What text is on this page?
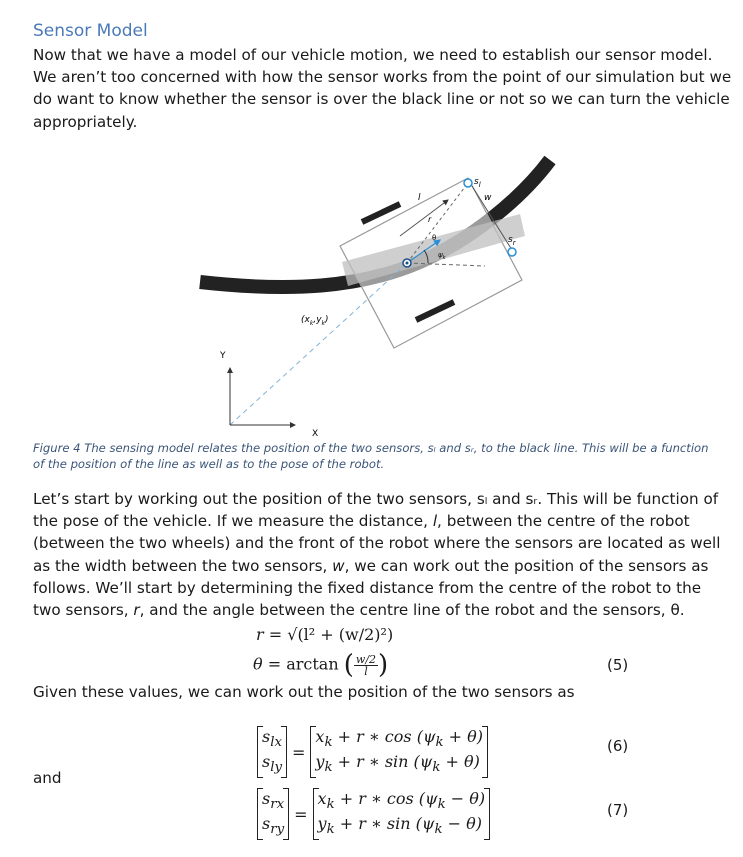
Sensor Model
Now that we have a model of our vehicle motion, we need to establish our sensor model. We aren’t too concerned with how the sensor works from the point of our simulation but we do want to know whether the sensor is over the black line or not so we can turn the vehicle appropriately.
$s_l$
$s_r$
w
l
r
θ
$\psi_k$
$(x_k,y_k)$
Y
X
Figure 4 The sensing model relates the position of the two sensors, sₗ and sᵣ, to the black line. This will be a function of the position of the line as well as to the pose of the robot.
Let’s start by working out the position of the two sensors, sₗ and sᵣ. This will be function of the pose of the vehicle. If we measure the distance, l, between the centre of the robot (between the two wheels) and the front of the robot where the sensors are located as well as the width between the two sensors, w, we can work out the position of the sensors as follows. We’ll start by determining the fixed distance from the centre of the robot to the two sensors, r, and the angle between the centre line of the robot and the sensors, θ.
r = √(l² + (w/2)²)
θ = arctan ( $\frac{w/2}{l}$ )	(5)
Given these values, we can work out the position of the two sensors as
$s_{lx}$
$s_{ly}$
=
$x_k + r$ ∗ $\cos (\psi_k + \theta)$
$y_k + r$ ∗ $\sin (\psi_k + \theta)$
(6)
and
$s_{rx}$
$s_{ry}$
=
$x_k + r$ ∗ $\cos (\psi_k - \theta)$
$y_k + r$ ∗ $\sin (\psi_k - \theta)$
(7)
